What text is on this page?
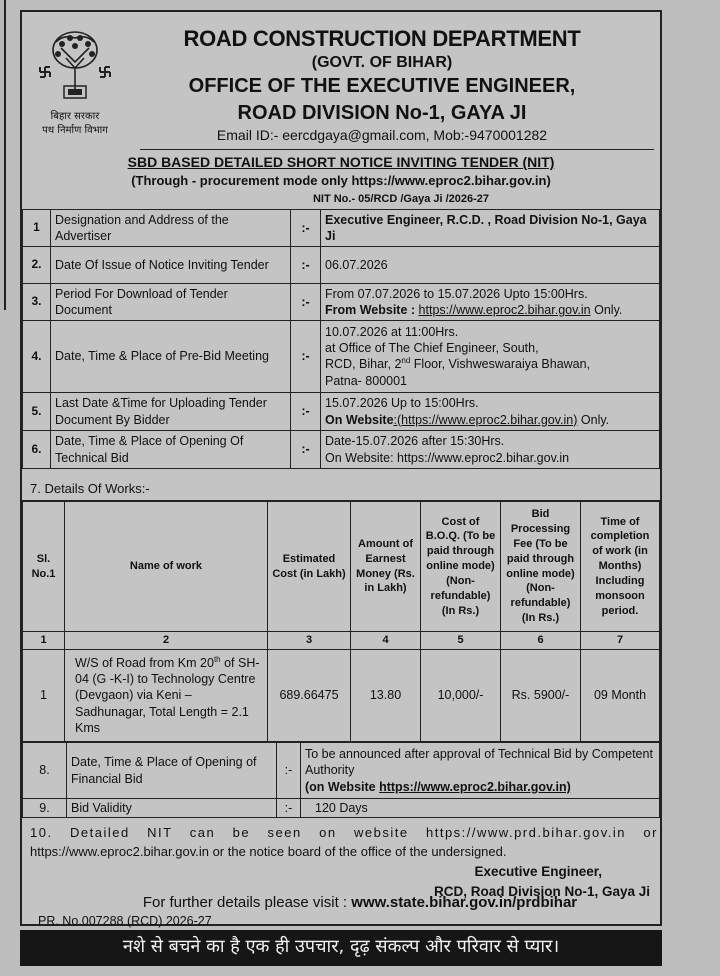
बिहार सरकार
पथ निर्माण विभाग
ROAD CONSTRUCTION DEPARTMENT
(GOVT. OF BIHAR)
OFFICE OF THE EXECUTIVE ENGINEER,
ROAD DIVISION No-1, GAYA JI
Email ID:- eercdgaya@gmail.com, Mob:-9470001282
SBD BASED DETAILED SHORT NOTICE INVITING TENDER (NIT)
(Through - procurement mode only https://www.eproc2.bihar.gov.in)
NIT No.- 05/RCD /Gaya Ji /2026-27
1	Designation and Address of the Advertiser	:-	Executive Engineer, R.C.D. , Road Division No-1, Gaya Ji
2.	Date Of Issue of Notice Inviting Tender	:-	06.07.2026
3.	Period For Download of Tender Document	:-	From 07.07.2026 to 15.07.2026 Upto 15:00Hrs.
From Website : https://www.eproc2.bihar.gov.in Only.

4.	Date, Time & Place of Pre-Bid Meeting	:-	10.07.2026 at 11:00Hrs.
at Office of The Chief Engineer, South,
RCD, Bihar, 2nd Floor, Vishweswaraiya Bhawan,
Patna- 800001

5.	Last Date &Time for Uploading Tender Document By Bidder	:-	15.07.2026 Up to 15:00Hrs.
On Website:(https://www.eproc2.bihar.gov.in) Only.

6.	Date, Time & Place of Opening Of Technical Bid	:-	Date-15.07.2026 after 15:30Hrs.
On Website: https://www.eproc2.bihar.gov.in
7. Details Of Works:-
Sl. No.1	Name of work	Estimated Cost (in Lakh)	Amount of Earnest Money (Rs. in Lakh)	Cost of B.O.Q. (To be paid through online mode) (Non-refundable) (In Rs.)	Bid Processing Fee (To be paid through online mode) (Non-refundable) (In Rs.)	Time of completion of work (in Months) Including monsoon period.
1	2	3	4	5	6	7
1	W/S of Road from Km 20th of SH-04 (G -K-I) to Technology Centre (Devgaon) via Keni – Sadhunagar, Total Length = 2.1 Kms	689.66475	13.80	10,000/-	Rs. 5900/-	09 Month
8.	Date, Time & Place of Opening of Financial Bid	:-	To be announced after approval of Technical Bid by Competent Authority
(on Website https://www.eproc2.bihar.gov.in)

9.	Bid Validity	:-	120 Days
10. Detailed NIT can be seen on website https://www.prd.bihar.gov.in or
https://www.eproc2.bihar.gov.in or the notice board of the office of the undersigned.
Executive Engineer,
RCD, Road Division No-1, Gaya Ji
For further details please visit : www.state.bihar.gov.in/prdbihar
PR. No.007288 (RCD) 2026-27
नशे से बचने का है एक ही उपचार, दृढ़ संकल्प और परिवार से प्यार।
